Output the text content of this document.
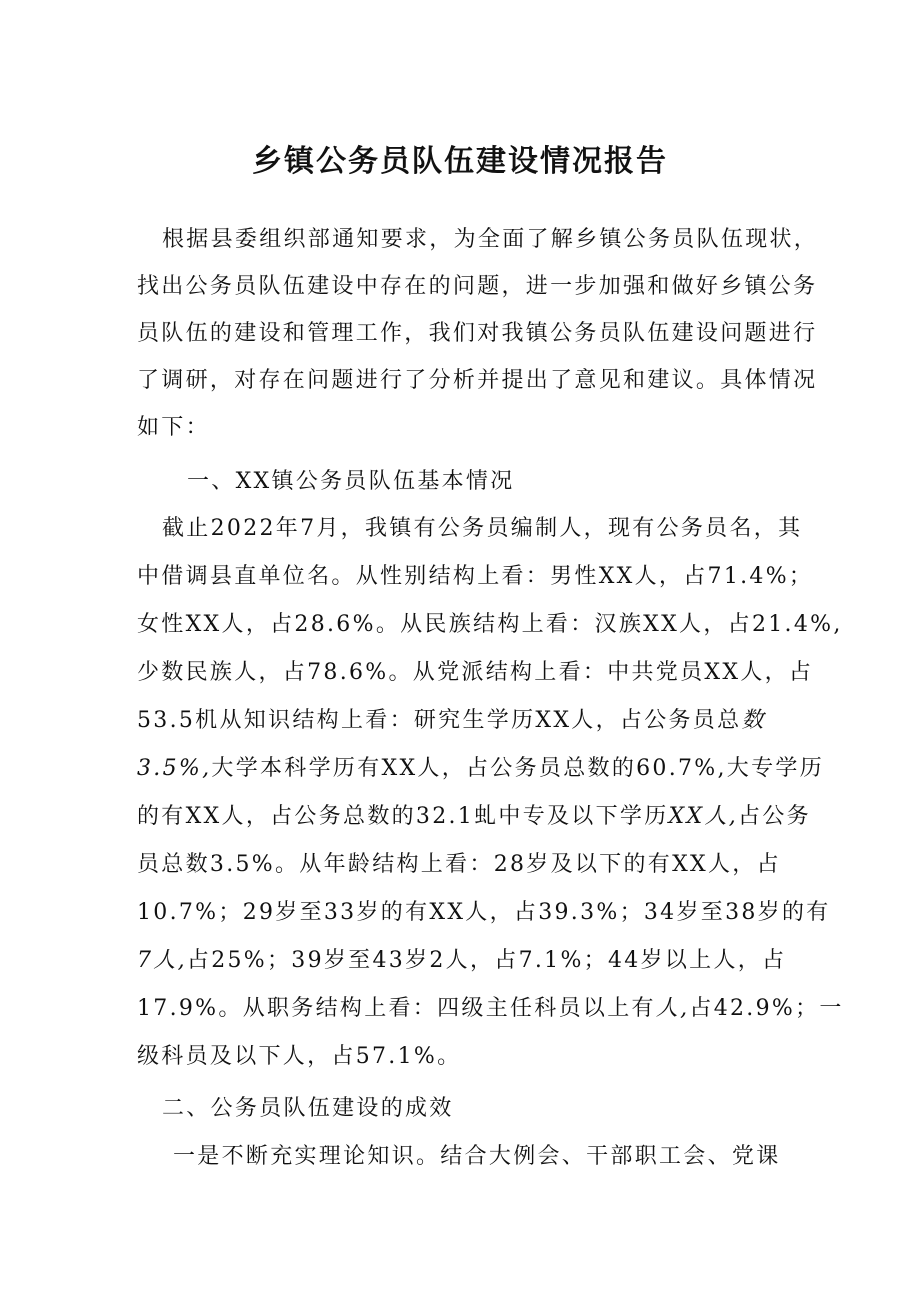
乡镇公务员队伍建设情况报告

根据县委组织部通知要求，为全面了解乡镇公务员队伍现状，

找出公务员队伍建设中存在的问题，进一步加强和做好乡镇公务

员队伍的建设和管理工作，我们对我镇公务员队伍建设问题进行

了调研，对存在问题进行了分析并提出了意见和建议。具体情况

如下：

一、XX镇公务员队伍基本情况

截止2022年7月，我镇有公务员编制人，现有公务员名，其

中借调县直单位名。从性别结构上看：男性XX人，占71.4%；

女性XX人，占28.6%。从民族结构上看：汉族XX人，占21.4%,

少数民族人，占78.6%。从党派结构上看：中共党员XX人，占

53.5机从知识结构上看：研究生学历XX人，占公务员总数

3.5%,大学本科学历有XX人，占公务员总数的60.7%,大专学历

的有XX人，占公务总数的32.1虬中专及以下学历XX人,占公务

员总数3.5%。从年龄结构上看：28岁及以下的有XX人，占

10.7%；29岁至33岁的有XX人，占39.3%；34岁至38岁的有

7人,占25%；39岁至43岁2人，占7.1%；44岁以上人，占

17.9%。从职务结构上看：四级主任科员以上有人,占42.9%；一

级科员及以下人，占57.1%。

二、公务员队伍建设的成效

一是不断充实理论知识。结合大例会、干部职工会、党课
